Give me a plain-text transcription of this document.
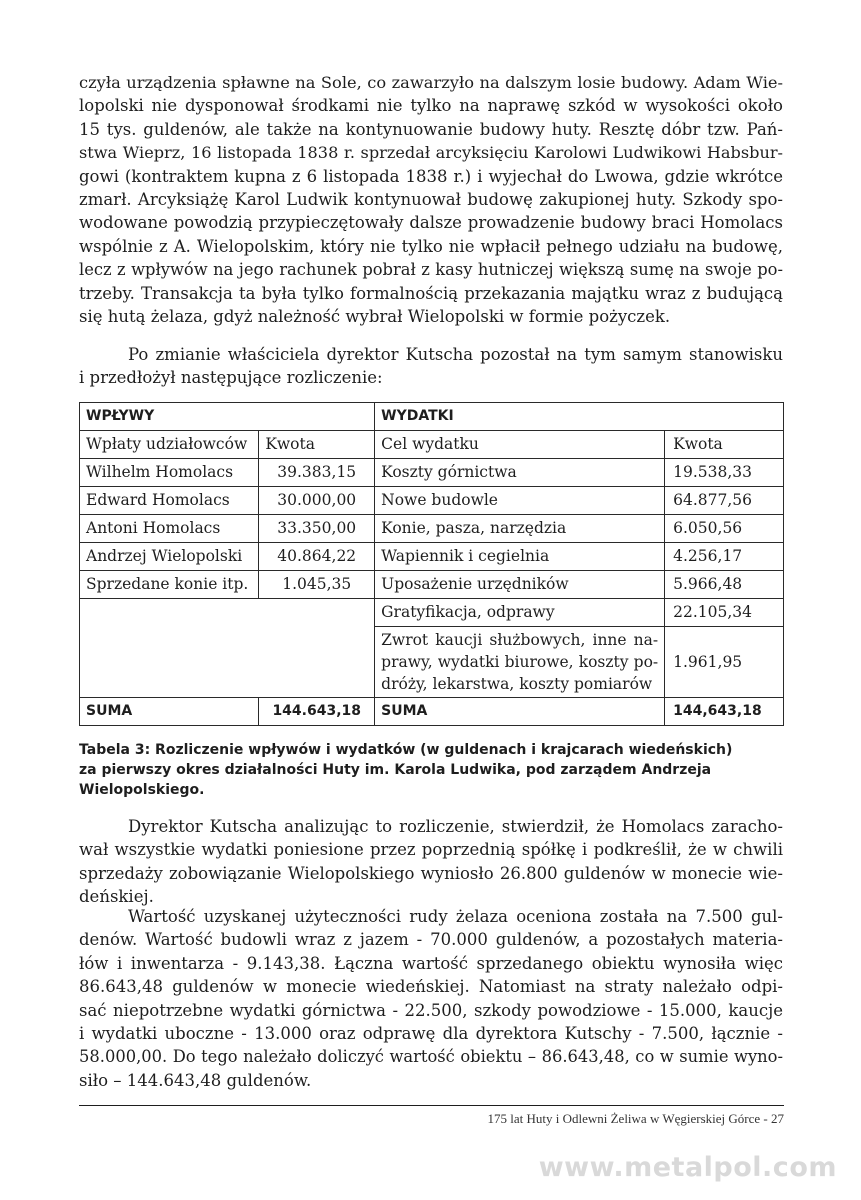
czyła urządzenia spławne na Sole, co zawarzyło na dalszym losie budowy. Adam Wie-
lopolski nie dysponował środkami nie tylko na naprawę szkód w wysokości około
15 tys. guldenów, ale także na kontynuowanie budowy huty. Resztę dóbr tzw. Pań-
stwa Wieprz, 16 listopada 1838 r. sprzedał arcyksięciu Karolowi Ludwikowi Habsbur-
gowi (kontraktem kupna z 6 listopada 1838 r.) i wyjechał do Lwowa, gdzie wkrótce
zmarł. Arcyksiążę Karol Ludwik kontynuował budowę zakupionej huty. Szkody spo-
wodowane powodzią przypieczętowały dalsze prowadzenie budowy braci Homolacs
wspólnie z A. Wielopolskim, który nie tylko nie wpłacił pełnego udziału na budowę,
lecz z wpływów na jego rachunek pobrał z kasy hutniczej większą sumę na swoje po-
trzeby. Transakcja ta była tylko formalnością przekazania majątku wraz z budującą
się hutą żelaza, gdyż należność wybrał Wielopolski w formie pożyczek.

Po zmianie właściciela dyrektor Kutscha pozostał na tym samym stanowisku
i przedłożył następujące rozliczenie:

WPŁYWY		WYDATKI	
Wpłaty udziałowców	Kwota	Cel wydatku	Kwota
Wilhelm Homolacs	39.383,15	Koszty górnictwa	19.538,33
Edward Homolacs	30.000,00	Nowe budowle	64.877,56
Antoni Homolacs	33.350,00	Konie, pasza, narzędzia	6.050,56
Andrzej Wielopolski	40.864,22	Wapiennik i cegielnia	4.256,17
Sprzedane konie itp.	1.045,35	Uposażenie urzędników	5.966,48
		Gratyfikacja, odprawy	22.105,34

		Zwrot kaucji służbowych, inne na-
prawy, wydatki biurowe, koszty po-
dróży, lekarstwa, koszty pomiarów	1.961,95
SUMA	144.643,18	SUMA	144,643,18
Tabela 3: Rozliczenie wpływów i wydatków (w guldenach i krajcarach wiedeńskich)
za pierwszy okres działalności Huty im. Karola Ludwika, pod zarządem Andrzeja
Wielopolskiego.

Dyrektor Kutscha analizując to rozliczenie, stwierdził, że Homolacs zaracho-
wał wszystkie wydatki poniesione przez poprzednią spółkę i podkreślił, że w chwili
sprzedaży zobowiązanie Wielopolskiego wyniosło 26.800 guldenów w monecie wie-
deńskiej.

Wartość uzyskanej użyteczności rudy żelaza oceniona została na 7.500 gul-
denów. Wartość budowli wraz z jazem - 70.000 guldenów, a pozostałych materia-
łów i inwentarza - 9.143,38. Łączna wartość sprzedanego obiektu wynosiła więc
86.643,48 guldenów w monecie wiedeńskiej. Natomiast na straty należało odpi-
sać niepotrzebne wydatki górnictwa - 22.500, szkody powodziowe - 15.000, kaucje
i wydatki uboczne - 13.000 oraz odprawę dla dyrektora Kutschy - 7.500, łącznie -
58.000,00. Do tego należało doliczyć wartość obiektu – 86.643,48, co w sumie wyno-
siło – 144.643,48 guldenów.

175 lat Huty i Odlewni Żeliwa w Węgierskiej Górce - 27
www.metalpol.com
